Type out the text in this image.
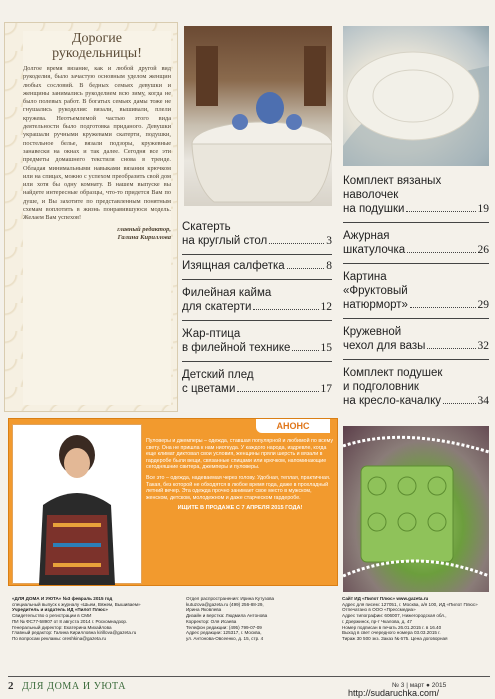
Дорогие
рукодельницы!
Долгое время вязание, как и любой другой вид рукоделия, было зачастую основным уделом женщин любых сословий. В бедных семьях девушки и женщины занимались рукоделием всю зиму, когда не было полевых работ. В богатых семьях дамы тоже не гнушались рукоделия: вязали, вышивали, плели кружева. Неотъемлемой частью этого вида деятельности было подготовка приданого. Девушки украшали ручными кружевами скатерти, подушки, постельное белье, вязали подзоры, кружевные занавески на окнах и так далее. Сегодня все эти предметы домашнего текстиля снова в тренде. Обладая минимальными навыками вязания крючком или на спицах, можно с успехом преобразить свой дом или хотя бы одну комнату. В нашем выпуске вы найдете интересные образцы, что-то придется Вам по душе, и Вы захотите по представленным понятным схемам воплотить в жизнь понравившуюся модель. Желаем Вам успехов!
главный редактор,
Галина Кириллова
Скатерть
на круглый стол	3
Изящная салфетка	8
Филейная кайма
для скатерти	12
Жар-птица
в филейной технике	15
Детский плед
с цветами	17
Комплект вязаных
наволочек
на подушки	19
Ажурная
шкатулочка	26
Картина
«Фруктовый
натюрморт»	29
Кружевной
чехол для вазы	32
Комплект подушек
и подголовник
на кресло-качалку	34
АНОНС

Пуловеры и джемперы – одежда, ставшая популярной и любимой по всему свету. Она не пришла к нам ниоткуда. У каждого народа, издревле, когда еще климат диктовал свои условия, женщины пряли шерсть и вязали в гардеробе были вещи, связанные спицами или крючком, напоминающие сегодняшние свитера, джемперы и пуловеры.

Все это – одежда, надеваемая через голову. Удобная, теплая, практичная. Такая, без которой не обходятся в любое время года, даже в прохладный летний вечер. Эта одежда прочно занимает свое место в мужском, женском, детском, молодежном и даже старческом гардеробе.

ИЩИТЕ В ПРОДАЖЕ С 7 АПРЕЛЯ 2015 ГОДА!

«ДЛЯ ДОМА И УЮТА» №3 февраль 2015 год
специальный выпуск к журналу «Шьем, Вяжем, Вышиваем»
Учредитель и издатель ИД «Пилот Плюс»
Свидетельство о регистрации в СМИ
ПИ № ФС77-58907 от 8 августа 2014 г. Роскомнадзор.
Генеральный директор: Екатерина Михайлова
Главный редактор: Галина Кирилловна kirillova@gazeta.ru
По вопросам рекламы: oreshkina@gazeta.ru
Отдел распространения: Ирина Кутузова
kutuzova@gazeta.ru (499) 256-88-29,
Ирина Яковлева
Дизайн и верстка: Людмила Антонова
Корректор: Оля Исаева
Телефон редакции: (495) 799-07-09
Адрес редакции: 125317, г. Москва,
ул. Антонова-Овсеенко, д. 15, стр. 4
Сайт ИД «Пилот Плюс» www.gazeta.ru
Адрес для писем: 127051, г. Москва, а/я 100, ИД «Пилот Плюс»
Отпечатано в ООО «Прессмедиа»
Адрес типографии: 606007, Нижегородская обл.,
г. Дзержинск, пр-т Чкалова, д. 47
Номер подписан в печать 26.01.2015 г. в 16.40
Выход в свет очередного номера 03.03.2015 г.
Тираж 30 500 экз. Заказ № 675. Цена договорная
2 ДЛЯ ДОМА И УЮТА	№ 3 | март ● 2015
http://sudaruchka.com/
